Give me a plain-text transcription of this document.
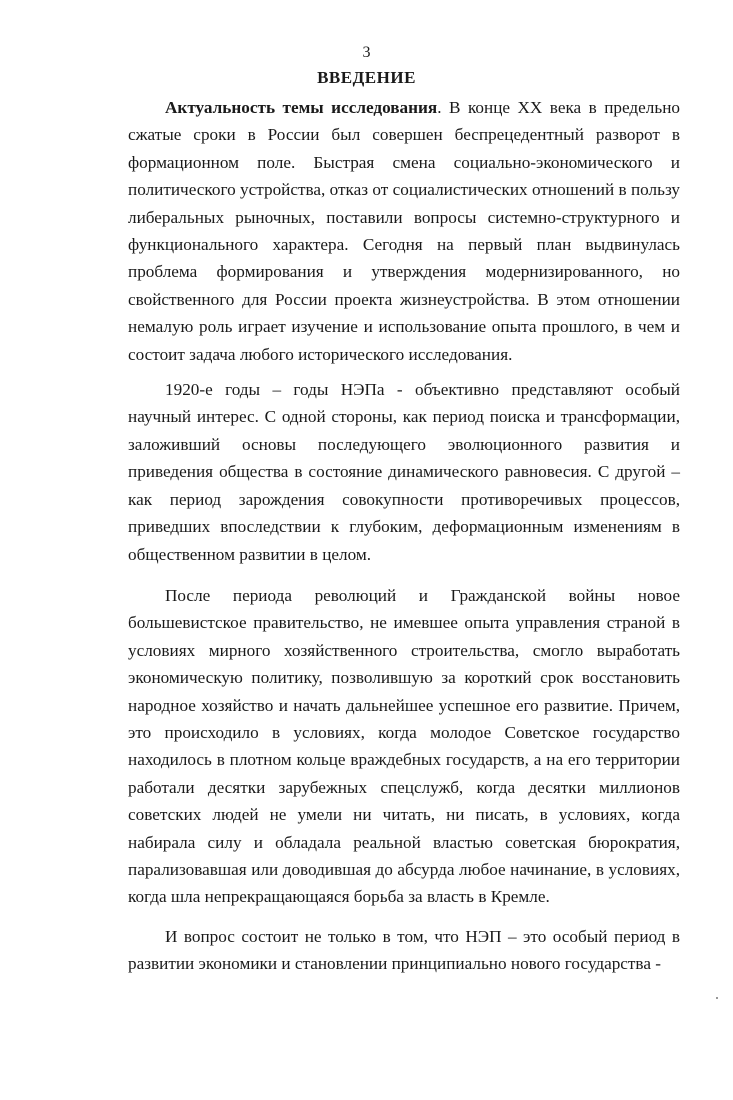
3
ВВЕДЕНИЕ

Актуальность темы исследования. В конце XX века в предельно сжатые сроки в России был совершен беспрецедентный разворот в формационном поле. Быстрая смена социально-экономического и политического устройства, отказ от социалистических отношений в пользу либеральных рыночных, поставили вопросы системно-структурного и функционального характера. Сегодня на первый план выдвинулась проблема формирования и утверждения модернизированного, но свойственного для России проекта жизнеустройства. В этом отношении немалую роль играет изучение и использование опыта прошлого, в чем и состоит задача любого исторического исследования.

1920-е годы – годы НЭПа - объективно представляют особый научный интерес. С одной стороны, как период поиска и трансформации, заложивший основы последующего эволюционного развития и приведения общества в состояние динамического равновесия. С другой – как период зарождения совокупности противоречивых процессов, приведших впоследствии к глубоким, деформационным изменениям в общественном развитии в целом.

После периода революций и Гражданской войны новое большевистское правительство, не имевшее опыта управления страной в условиях мирного хозяйственного строительства, смогло выработать экономическую политику, позволившую за короткий срок восстановить народное хозяйство и начать дальнейшее успешное его развитие. Причем, это происходило в условиях, когда молодое Советское государство находилось в плотном кольце враждебных государств, а на его территории работали десятки зарубежных спецслужб, когда десятки миллионов советских людей не умели ни читать, ни писать, в условиях, когда набирала силу и обладала реальной властью советская бюрократия, парализовавшая или доводившая до абсурда любое начинание, в условиях, когда шла непрекращающаяся борьба за власть в Кремле.

И вопрос состоит не только в том, что НЭП – это особый период в развитии экономики и становлении принципиально нового государства -
